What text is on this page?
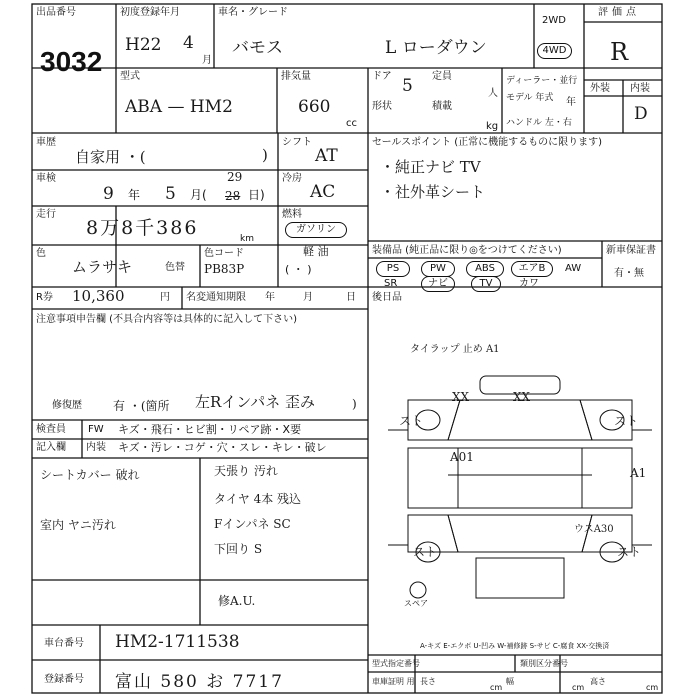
出品番号
3032
初度登録年月
H22 4
月
車名・グレード
バモス	L ローダウン
2WD
4WD
評価点
R
外装 内装
D
型式
ABA — HM2
排気量
660
cc
ドア 5
形状
定員
人
積載
kg
ディーラー・並行
モデル 年式 年
ハンドル 左・右
車歴
自家用 ・(	)
シフト
AT
車検
9 年 5 月( 28
29
日)
冷房
AC
走行
8万8千386	km
燃料
ガソリン
軽 油
( ・ )
色
ムラサキ	色替
色コード
PB83P
R券 10,360	円 名変通知期限 年	月	日
注意事項申告欄 (不具合内容等は具体的に記入して下さい)
修復歴	有 ・(箇所 左Rインパネ 歪み	)
検査員
記入欄
FW キズ・飛石・ヒビ割・リペア跡・X要
内装 キズ・汚レ・コゲ・穴・スレ・キレ・破レ
シートカバー 破れ
室内 ヤニ汚れ
天張り 汚れ
タイヤ 4本 残込
Fインパネ SC
下回り S
修A.U.
車台番号 HM2-1711538
登録番号 富山 580 お 7717
セールスポイント (正常に機能するものに限ります)
・純正ナビ TV
・社外革シート
装備品 (純正品に限り◎をつけてください)
PS	PW	ABS	エアB	AW
SR	ナビ	TV	カワ
新車保証書
有・無
後日品
タイラップ 止め A1
XX	XX
スト	スト
A01
A1
スト	スト
ウスA30
スペア
A-キズ E-エクボ U-凹み W-補修跡 S-サビ C-腐食 XX-交換済
型式指定番号	類別区分番号
車庫証明 用 長さ
cm
幅
cm
高さ
cm
